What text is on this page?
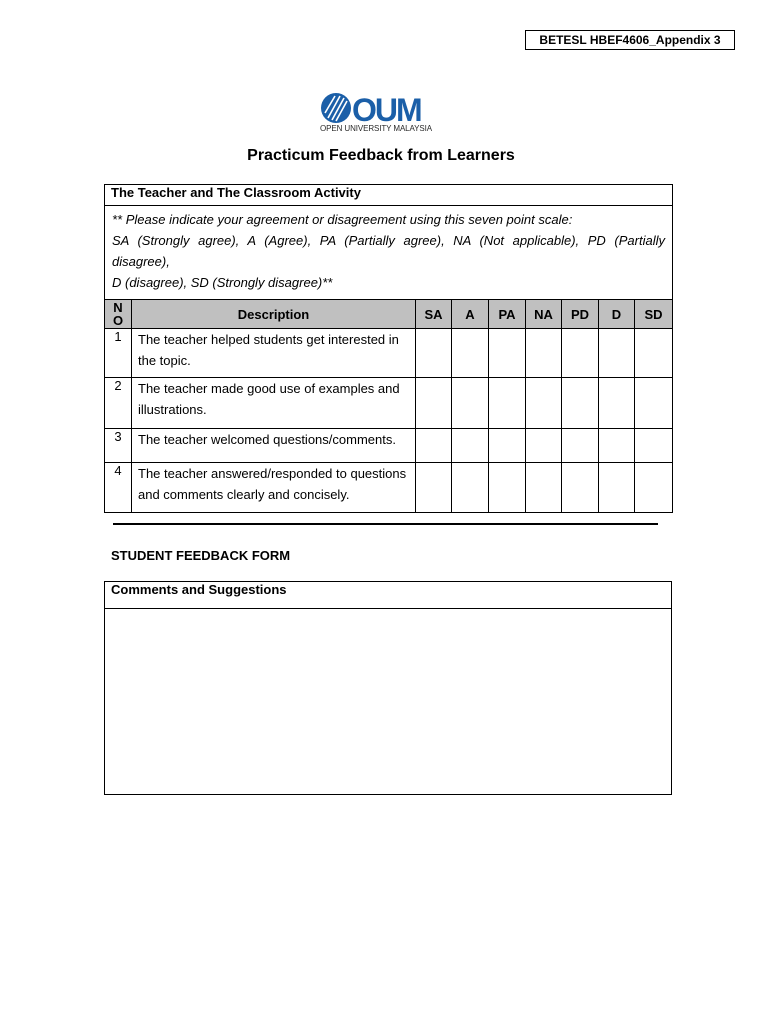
BETESL HBEF4606_Appendix 3
OUM
OPEN UNIVERSITY MALAYSIA
Practicum Feedback from Learners
The Teacher and The Classroom Activity								
** Please indicate your agreement or disagreement using this seven point scale:
SA (Strongly agree), A (Agree), PA (Partially agree), NA (Not applicable), PD (Partially disagree),
D (disagree), SD (Strongly disagree)**								
N
O	Description	SA	A	PA	NA	PD	D	SD
1	The teacher helped students get interested in the topic.							
2	The teacher made good use of examples and illustrations.							
3	The teacher welcomed questions/comments.							
4	The teacher answered/responded to questions and comments clearly and concisely.							
STUDENT FEEDBACK FORM
Comments and Suggestions
